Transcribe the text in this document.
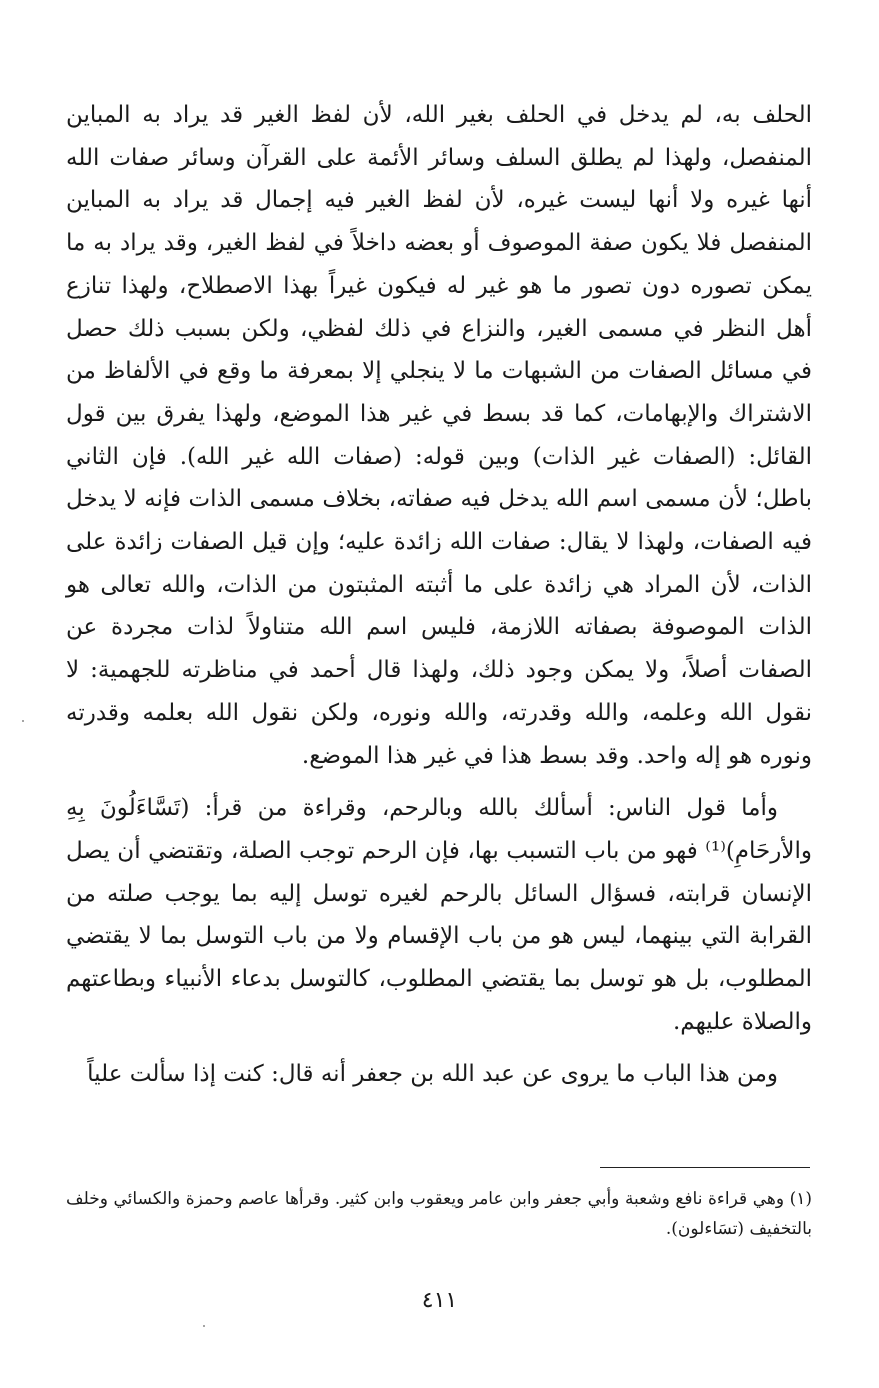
الحلف به، لم يدخل في الحلف بغير الله، لأن لفظ الغير قد يراد به المباين المنفصل، ولهذا لم يطلق السلف وسائر الأئمة على القرآن وسائر صفات الله أنها غيره ولا أنها ليست غيره، لأن لفظ الغير فيه إجمال قد يراد به المباين المنفصل فلا يكون صفة الموصوف أو بعضه داخلاً في لفظ الغير، وقد يراد به ما يمكن تصوره دون تصور ما هو غير له فيكون غيراً بهذا الاصطلاح، ولهذا تنازع أهل النظر في مسمى الغير، والنزاع في ذلك لفظي، ولكن بسبب ذلك حصل في مسائل الصفات من الشبهات ما لا ينجلي إلا بمعرفة ما وقع في الألفاظ من الاشتراك والإبهامات، كما قد بسط في غير هذا الموضع، ولهذا يفرق بين قول القائل: (الصفات غير الذات) وبين قوله: (صفات الله غير الله). فإن الثاني باطل؛ لأن مسمى اسم الله يدخل فيه صفاته، بخلاف مسمى الذات فإنه لا يدخل فيه الصفات، ولهذا لا يقال: صفات الله زائدة عليه؛ وإن قيل الصفات زائدة على الذات، لأن المراد هي زائدة على ما أثبته المثبتون من الذات، والله تعالى هو الذات الموصوفة بصفاته اللازمة، فليس اسم الله متناولاً لذات مجردة عن الصفات أصلاً، ولا يمكن وجود ذلك، ولهذا قال أحمد في مناظرته للجهمية: لا نقول الله وعلمه، والله وقدرته، والله ونوره، ولكن نقول الله بعلمه وقدرته ونوره هو إله واحد. وقد بسط هذا في غير هذا الموضع.

وأما قول الناس: أسألك بالله وبالرحم، وقراءة من قرأ: (تَسَّاءَلُونَ بِهِ والأرحَامِ)⁽¹⁾ فهو من باب التسبب بها، فإن الرحم توجب الصلة، وتقتضي أن يصل الإنسان قرابته، فسؤال السائل بالرحم لغيره توسل إليه بما يوجب صلته من القرابة التي بينهما، ليس هو من باب الإقسام ولا من باب التوسل بما لا يقتضي المطلوب، بل هو توسل بما يقتضي المطلوب، كالتوسل بدعاء الأنبياء وبطاعتهم والصلاة عليهم.

ومن هذا الباب ما يروى عن عبد الله بن جعفر أنه قال: كنت إذا سألت علياً

(١) وهي قراءة نافع وشعبة وأبي جعفر وابن عامر ويعقوب وابن كثير. وقرأها عاصم وحمزة والكسائي وخلف بالتخفيف (تسَاءلون).

٤١١
